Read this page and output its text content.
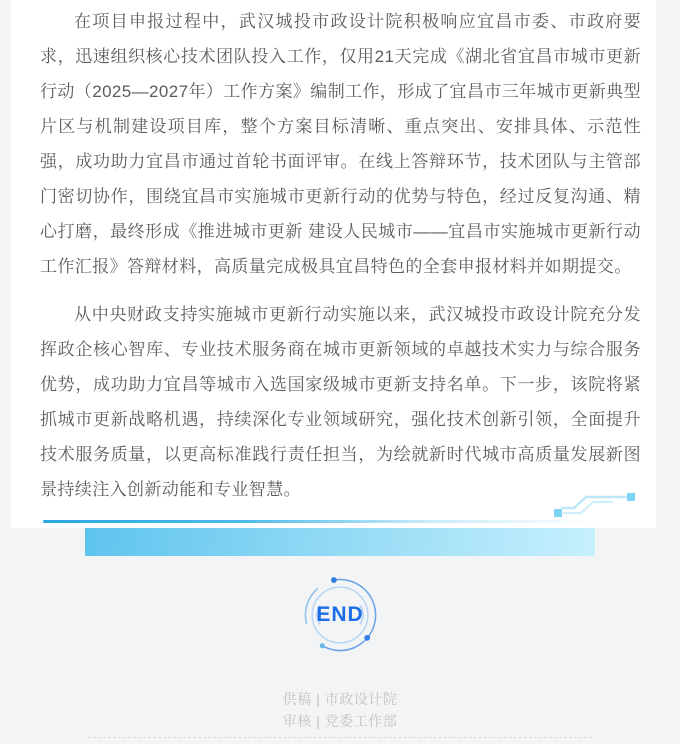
在项目申报过程中，武汉城投市政设计院积极响应宜昌市委、市政府要求，迅速组织核心技术团队投入工作，仅用21天完成《湖北省宜昌市城市更新行动（2025—2027年）工作方案》编制工作，形成了宜昌市三年城市更新典型片区与机制建设项目库，整个方案目标清晰、重点突出、安排具体、示范性强，成功助力宜昌市通过首轮书面评审。在线上答辩环节，技术团队与主管部门密切协作，围绕宜昌市实施城市更新行动的优势与特色，经过反复沟通、精心打磨，最终形成《推进城市更新 建设人民城市——宜昌市实施城市更新行动工作汇报》答辩材料，高质量完成极具宜昌特色的全套申报材料并如期提交。

从中央财政支持实施城市更新行动实施以来，武汉城投市政设计院充分发挥政企核心智库、专业技术服务商在城市更新领域的卓越技术实力与综合服务优势，成功助力宜昌等城市入选国家级城市更新支持名单。下一步，该院将紧抓城市更新战略机遇，持续深化专业领域研究，强化技术创新引领，全面提升技术服务质量，以更高标准践行责任担当，为绘就新时代城市高质量发展新图景持续注入创新动能和专业智慧。

END
供稿 | 市政设计院
审核 | 党委工作部
